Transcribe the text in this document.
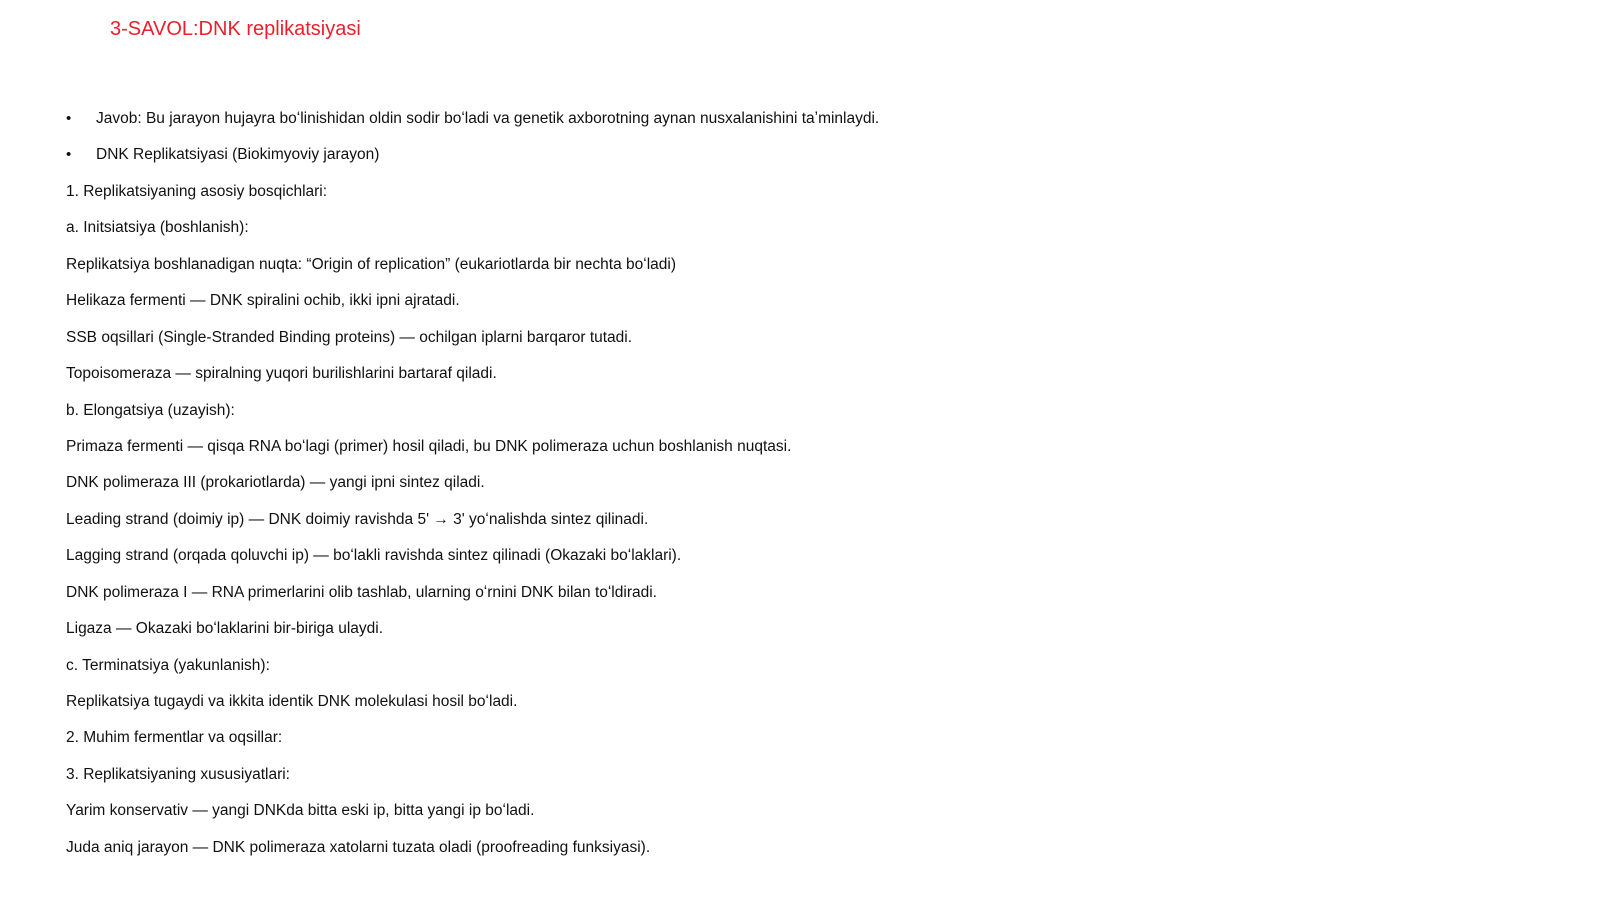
3-SAVOL:DNK replikatsiyasi
• Javob: Bu jarayon hujayra boʻlinishidan oldin sodir boʻladi va genetik axborotning aynan nusxalanishini taʼminlaydi.
• DNK Replikatsiyasi (Biokimyoviy jarayon)
1. Replikatsiyaning asosiy bosqichlari:
a. Initsiatsiya (boshlanish):
Replikatsiya boshlanadigan nuqta: “Origin of replication” (eukariotlarda bir nechta boʻladi)
Helikaza fermenti — DNK spiralini ochib, ikki ipni ajratadi.
SSB oqsillari (Single-Stranded Binding proteins) — ochilgan iplarni barqaror tutadi.
Topoisomeraza — spiralning yuqori burilishlarini bartaraf qiladi.
b. Elongatsiya (uzayish):
Primaza fermenti — qisqa RNA boʻlagi (primer) hosil qiladi, bu DNK polimeraza uchun boshlanish nuqtasi.
DNK polimeraza III (prokariotlarda) — yangi ipni sintez qiladi.
Leading strand (doimiy ip) — DNK doimiy ravishda 5' → 3' yoʻnalishda sintez qilinadi.
Lagging strand (orqada qoluvchi ip) — boʻlakli ravishda sintez qilinadi (Okazaki boʻlaklari).
DNK polimeraza I — RNA primerlarini olib tashlab, ularning oʻrnini DNK bilan toʻldiradi.
Ligaza — Okazaki boʻlaklarini bir-biriga ulaydi.
c. Terminatsiya (yakunlanish):
Replikatsiya tugaydi va ikkita identik DNK molekulasi hosil boʻladi.
2. Muhim fermentlar va oqsillar:
3. Replikatsiyaning xususiyatlari:
Yarim konservativ — yangi DNKda bitta eski ip, bitta yangi ip boʻladi.
Juda aniq jarayon — DNK polimeraza xatolarni tuzata oladi (proofreading funksiyasi).
